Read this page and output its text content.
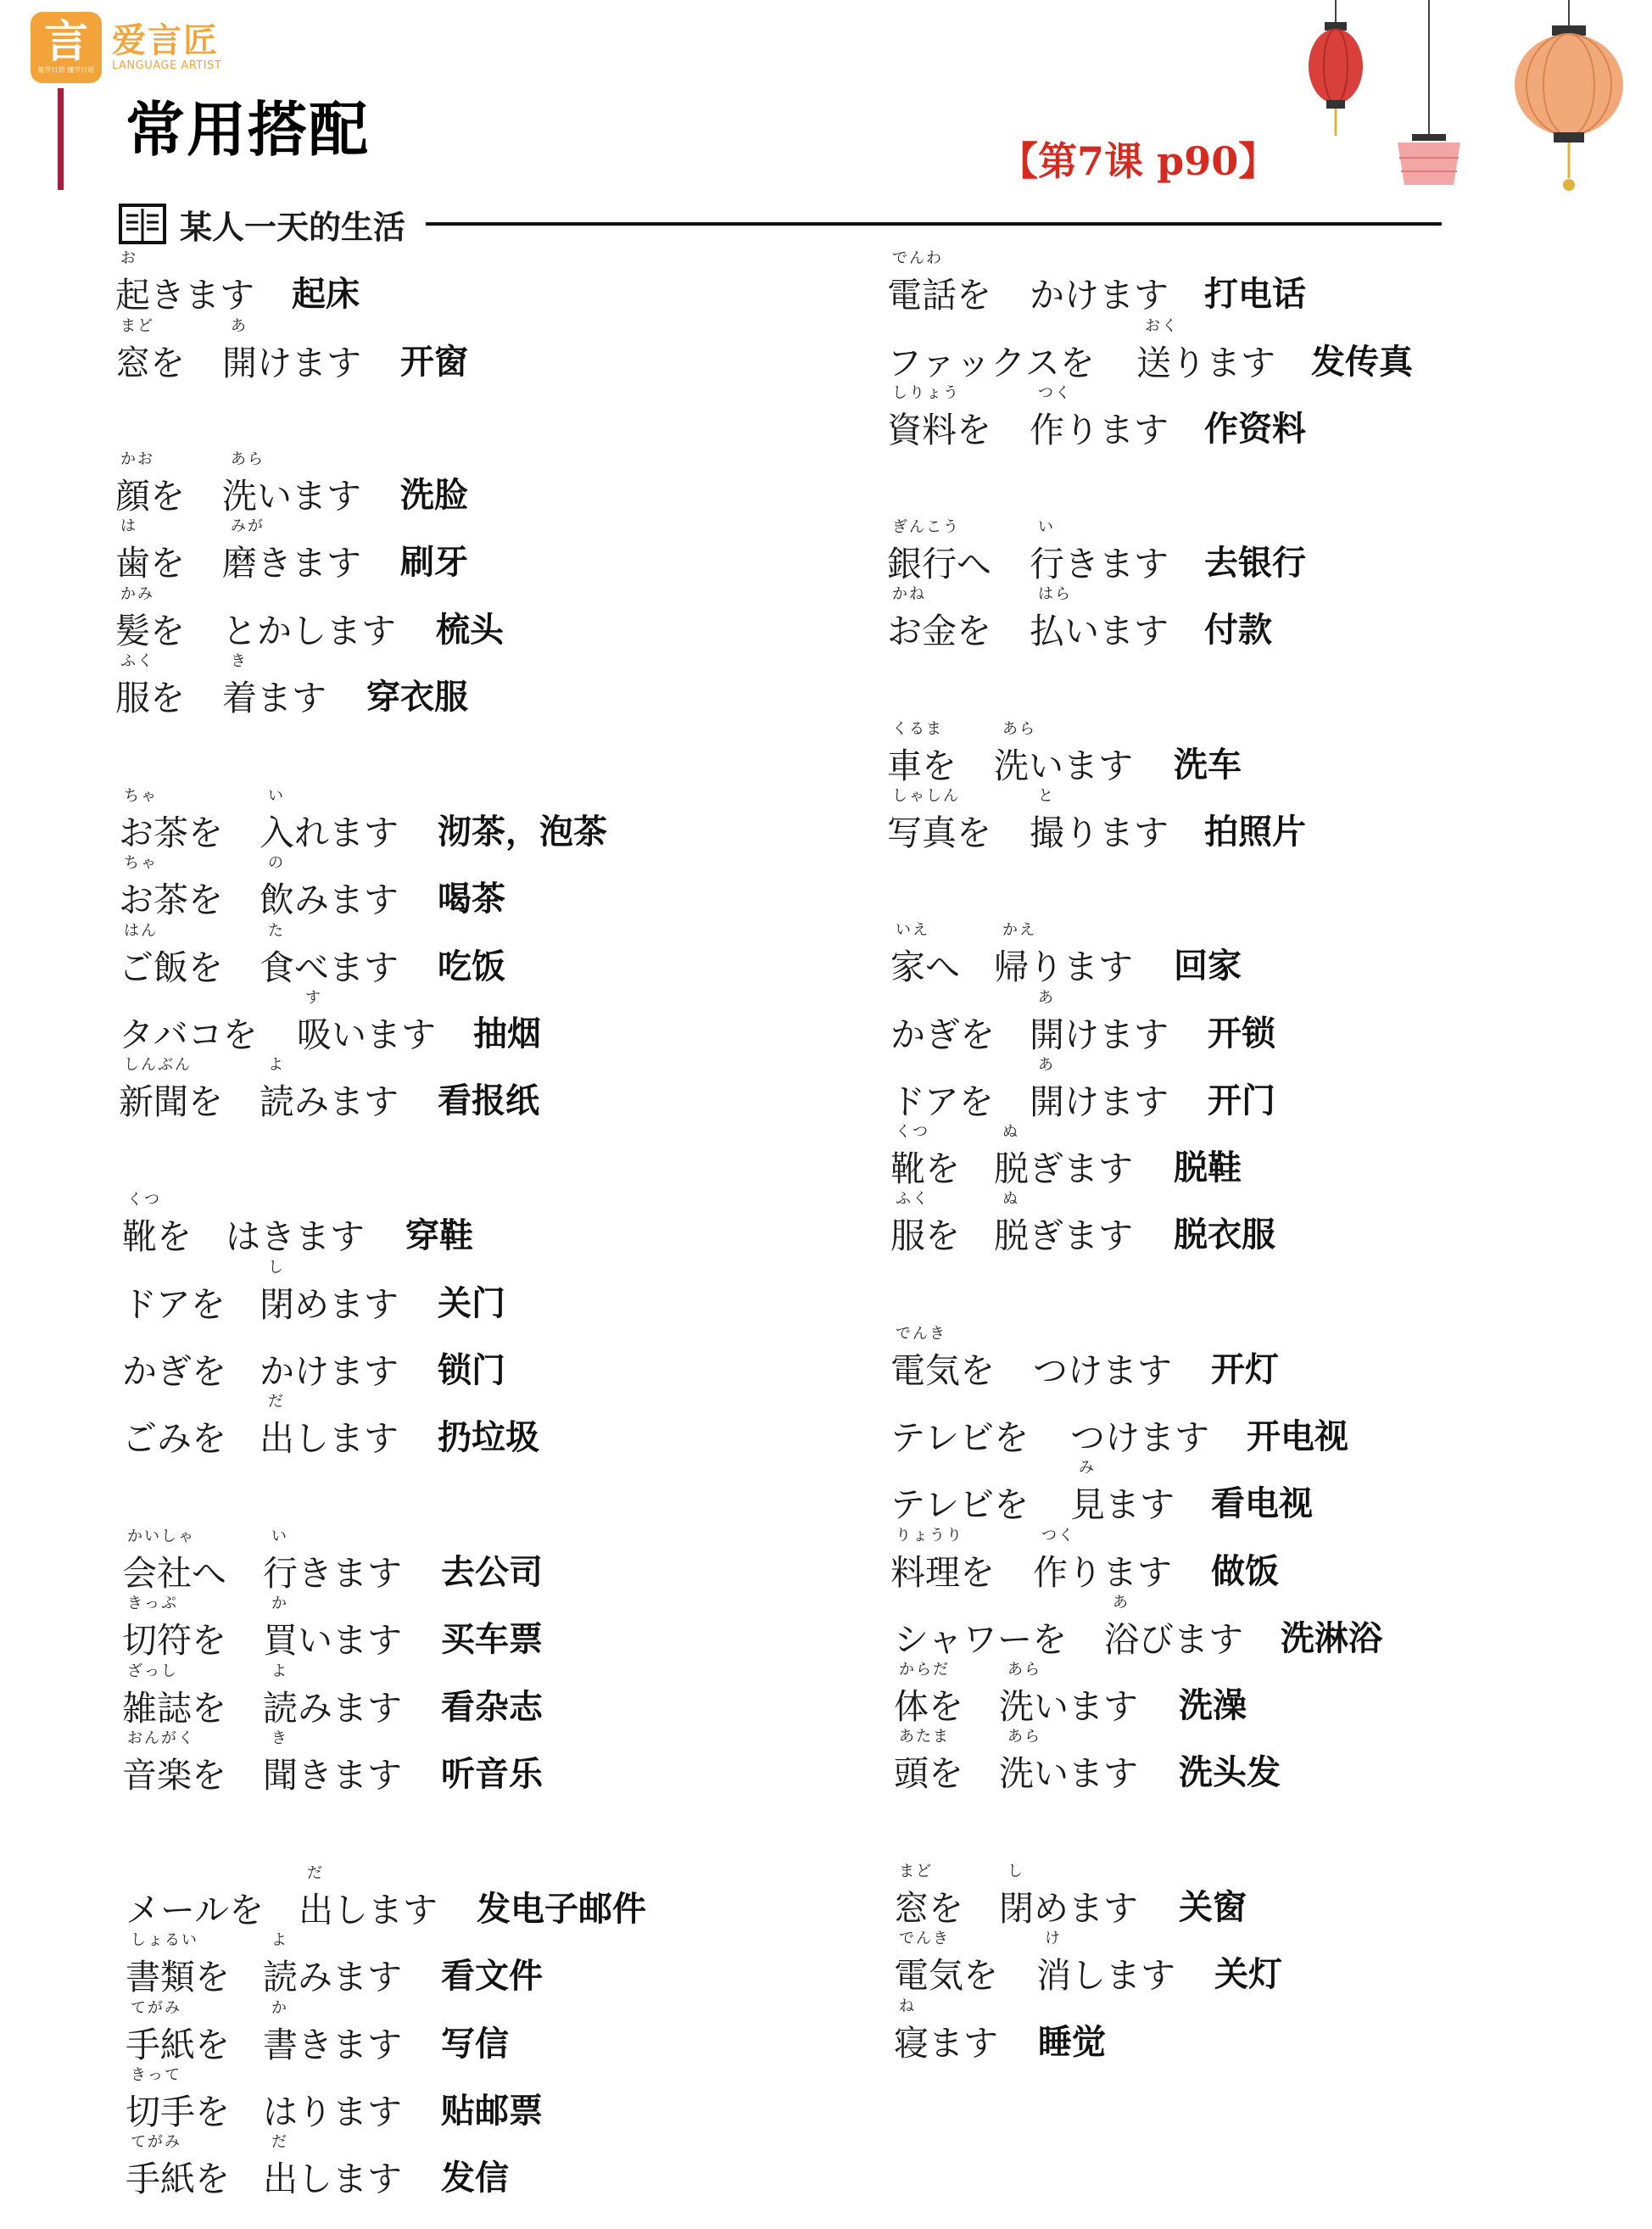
言
能学日语 懂学日语
爱言匠
LANGUAGE ARTIST
常用搭配	【第7课 p90】
某人一天的生活
起きます
お
起床
窓を
まど
開けます
あ
开窗
顔を
かお
洗います
あら
洗脸
歯を
は
磨きます
みが
刷牙
髪を
かみ
とかします 梳头
服を
ふく
着ます
き
穿衣服
お茶を
ちゃ
入れます
い
沏茶，泡茶
お茶を
ちゃ
飲みます
の
喝茶
ご飯を
はん
食べます
た
吃饭
タバコを 吸います
す
抽烟
新聞を
しんぶん
読みます
よ
看报纸
靴を
くつ
はきます 穿鞋
ドアを 閉めます
し
关门
かぎを かけます 锁门
ごみを 出します
だ
扔垃圾
会社へ
かいしゃ
行きます
い
去公司
切符を
きっぷ
買います
か
买车票
雑誌を
ざっし
読みます
よ
看杂志
音楽を
おんがく
聞きます
き
听音乐
メールを 出します
だ
发电子邮件
書類を
しょるい
読みます
よ
看文件
手紙を
てがみ
書きます
か
写信
切手を
きって
はります 贴邮票
手紙を
てがみ
出します
だ
发信
電話を
でんわ
かけます 打电话
ファックスを 送ります
おく
发传真
資料を
しりょう
作ります
つく
作资料
銀行へ
ぎんこう
行きます
い
去银行
お金を
かね
払います
はら
付款
車を
くるま
洗います
あら
洗车
写真を
しゃしん
撮ります
と
拍照片
家へ
いえ
帰ります
かえ
回家
かぎを 開けます
あ
开锁
ドアを 開けます
あ
开门
靴を
くつ
脱ぎます
ぬ
脱鞋
服を
ふく
脱ぎます
ぬ
脱衣服
電気を
でんき
つけます 开灯
テレビを つけます 开电视
テレビを 見ます
み
看电视
料理を
りょうり
作ります
つく
做饭
シャワーを 浴びます
あ
洗淋浴
体を
からだ
洗います
あら
洗澡
頭を
あたま
洗います
あら
洗头发
窓を
まど
閉めます
し
关窗
電気を
でんき
消します
け
关灯
寝ます
ね
睡觉
